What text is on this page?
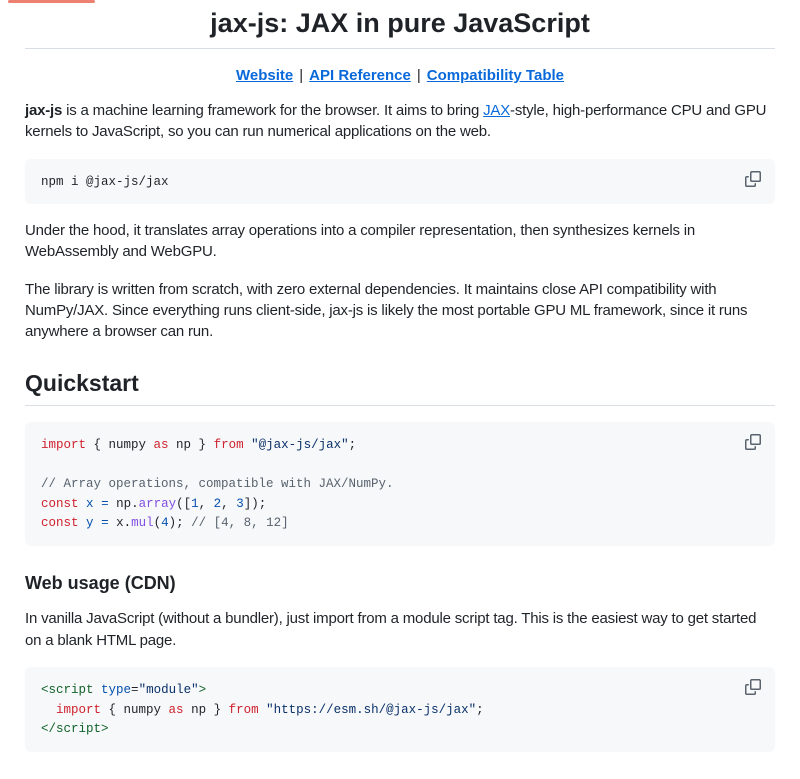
jax-js: JAX in pure JavaScript
Website | API Reference | Compatibility Table

jax-js is a machine learning framework for the browser. It aims to bring JAX-style, high-performance CPU and GPU kernels to JavaScript, so you can run numerical applications on the web.

npm i @jax-js/jax

Under the hood, it translates array operations into a compiler representation, then synthesizes kernels in WebAssembly and WebGPU.

The library is written from scratch, with zero external dependencies. It maintains close API compatibility with NumPy/JAX. Since everything runs client-side, jax-js is likely the most portable GPU ML framework, since it runs anywhere a browser can run.

Quickstart
import { numpy as np } from "@jax-js/jax";

// Array operations, compatible with JAX/NumPy.
const x = np.array([1, 2, 3]);
const y = x.mul(4); // [4, 8, 12]
Web usage (CDN)

In vanilla JavaScript (without a bundler), just import from a module script tag. This is the easiest way to get started on a blank HTML page.

<script type="module">
import { numpy as np } from "https://esm.sh/@jax-js/jax";
</script>
